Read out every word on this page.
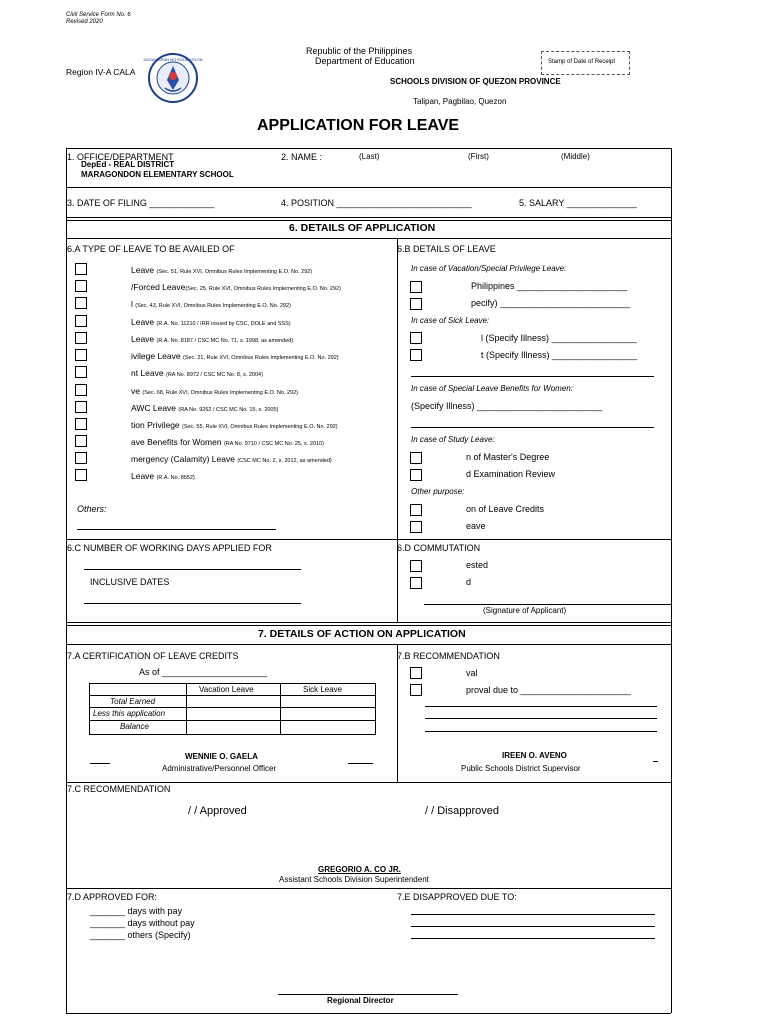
Civil Service Form No. 6
Revised 2020
Region IV-A CALA
KAGAWARAN NG EDUKASYON
Republic of the Philippines
Department of Education
SCHOOLS DIVISION OF QUEZON PROVINCE
Talipan, Pagbilao, Quezon
Stamp of Date of Receipt
APPLICATION FOR LEAVE
1. OFFICE/DEPARTMENT
DepEd - REAL DISTRICT
MARAGONDON ELEMENTARY SCHOOL
2. NAME :	(Last)	(First)	(Middle)
3. DATE OF FILING _____________	4. POSITION ___________________________	5. SALARY ______________
6. DETAILS OF APPLICATION
6.A TYPE OF LEAVE TO BE AVAILED OF	6.B DETAILS OF LEAVE
Leave (Sec. 51, Rule XVI, Omnibus Rules Implementing E.O. No. 292)
/Forced Leave(Sec. 25, Rule XVI, Omnibus Rules Implementing E.O. No. 292)
l (Sec. 43, Rule XVI, Omnibus Rules Implementing E.O. No. 292)
Leave (R.A. No. 11210 / IRR issued by CSC, DOLE and SSS)
Leave (R.A. No. 8187 / CSC MC No. 71, s. 1998, as amended)
ivilege Leave (Sec. 21, Rule XVI, Omnibus Rules Implementing E.O. No. 292)
nt Leave (RA No. 8972 / CSC MC No. 8, s. 2004)
ve (Sec. 68, Rule XVI, Omnibus Rules Implementing E.O. No. 292)
AWC Leave (RA No. 9262 / CSC MC No. 15, s. 2005)
tion Privilege (Sec. 55, Rule XVI, Omnibus Rules Implementing E.O. No. 292)
ave Benefits for Women (RA No. 9710 / CSC MC No. 25, s. 2010)
mergency (Calamity) Leave (CSC MC No. 2, s. 2012, as amended)
Leave (R.A. No. 8552)
Others:
In case of Vacation/Special Privilege Leave:
Philippines ______________________
pecify) __________________________
In case of Sick Leave:
l (Specify Illness) _________________
t (Specify Illness) _________________
In case of Special Leave Benefits for Women:
(Specify Illness) _________________________
In case of Study Leave:
n of Master's Degree
d Examination Review
Other purpose:
on of Leave Credits
eave
6.C NUMBER OF WORKING DAYS APPLIED FOR
INCLUSIVE DATES
6.D COMMUTATION
ested
d
(Signature of Applicant)
7. DETAILS OF ACTION ON APPLICATION
7.A CERTIFICATION OF LEAVE CREDITS
As of _____________________
Vacation Leave	Sick Leave
Total Earned
Less this application
Balance
WENNIE O. GAELA
Administrative/Personnel Officer
7.B RECOMMENDATION
val
proval due to ______________________
IREEN O. AVENO
Public Schools District Supervisor
7.C RECOMMENDATION
/ / Approved	/ / Disapproved
GREGORIO A. CO JR.
Assistant Schools Division Superintendent
7.D APPROVED FOR:
_______ days with pay
_______ days without pay
_______ others (Specify)
7.E DISAPPROVED DUE TO:
Regional Director
